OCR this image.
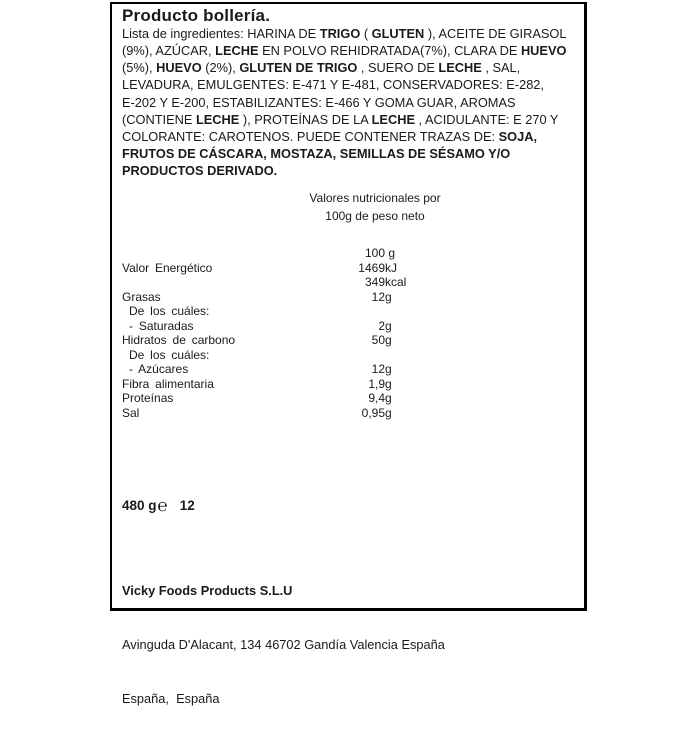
Producto bollería.
Lista de ingredientes: HARINA DE TRIGO ( GLUTEN ), ACEITE DE GIRASOL
(9%), AZÚCAR, LECHE EN POLVO REHIDRATADA(7%), CLARA DE HUEVO
(5%), HUEVO (2%), GLUTEN DE TRIGO , SUERO DE LECHE , SAL,
LEVADURA, EMULGENTES: E-471 Y E-481, CONSERVADORES: E-282,
E-202 Y E-200, ESTABILIZANTES: E-466 Y GOMA GUAR, AROMAS
(CONTIENE LECHE ), PROTEÍNAS DE LA LECHE , ACIDULANTE: E 270 Y
COLORANTE: CAROTENOS. PUEDE CONTENER TRAZAS DE: SOJA,
FRUTOS DE CÁSCARA, MOSTAZA, SEMILLAS DE SÉSAMO Y/O
PRODUCTOS DERIVADO.
Valores nutricionales por
100g de peso neto
100 g
Valor Energético	1469 kJ
349 kcal
Grasas	12 g
De los cuáles:
- Saturadas	2 g
Hidratos de carbono	50 g
De los cuáles:
- Azúcares	12 g
Fibra alimentaria	1,9 g
Proteínas	9,4 g
Sal	0,95 g
480 g℮ 12

Vicky Foods Products S.L.U

Avinguda D'Alacant, 134 46702 Gandía Valencia España

España,  España
